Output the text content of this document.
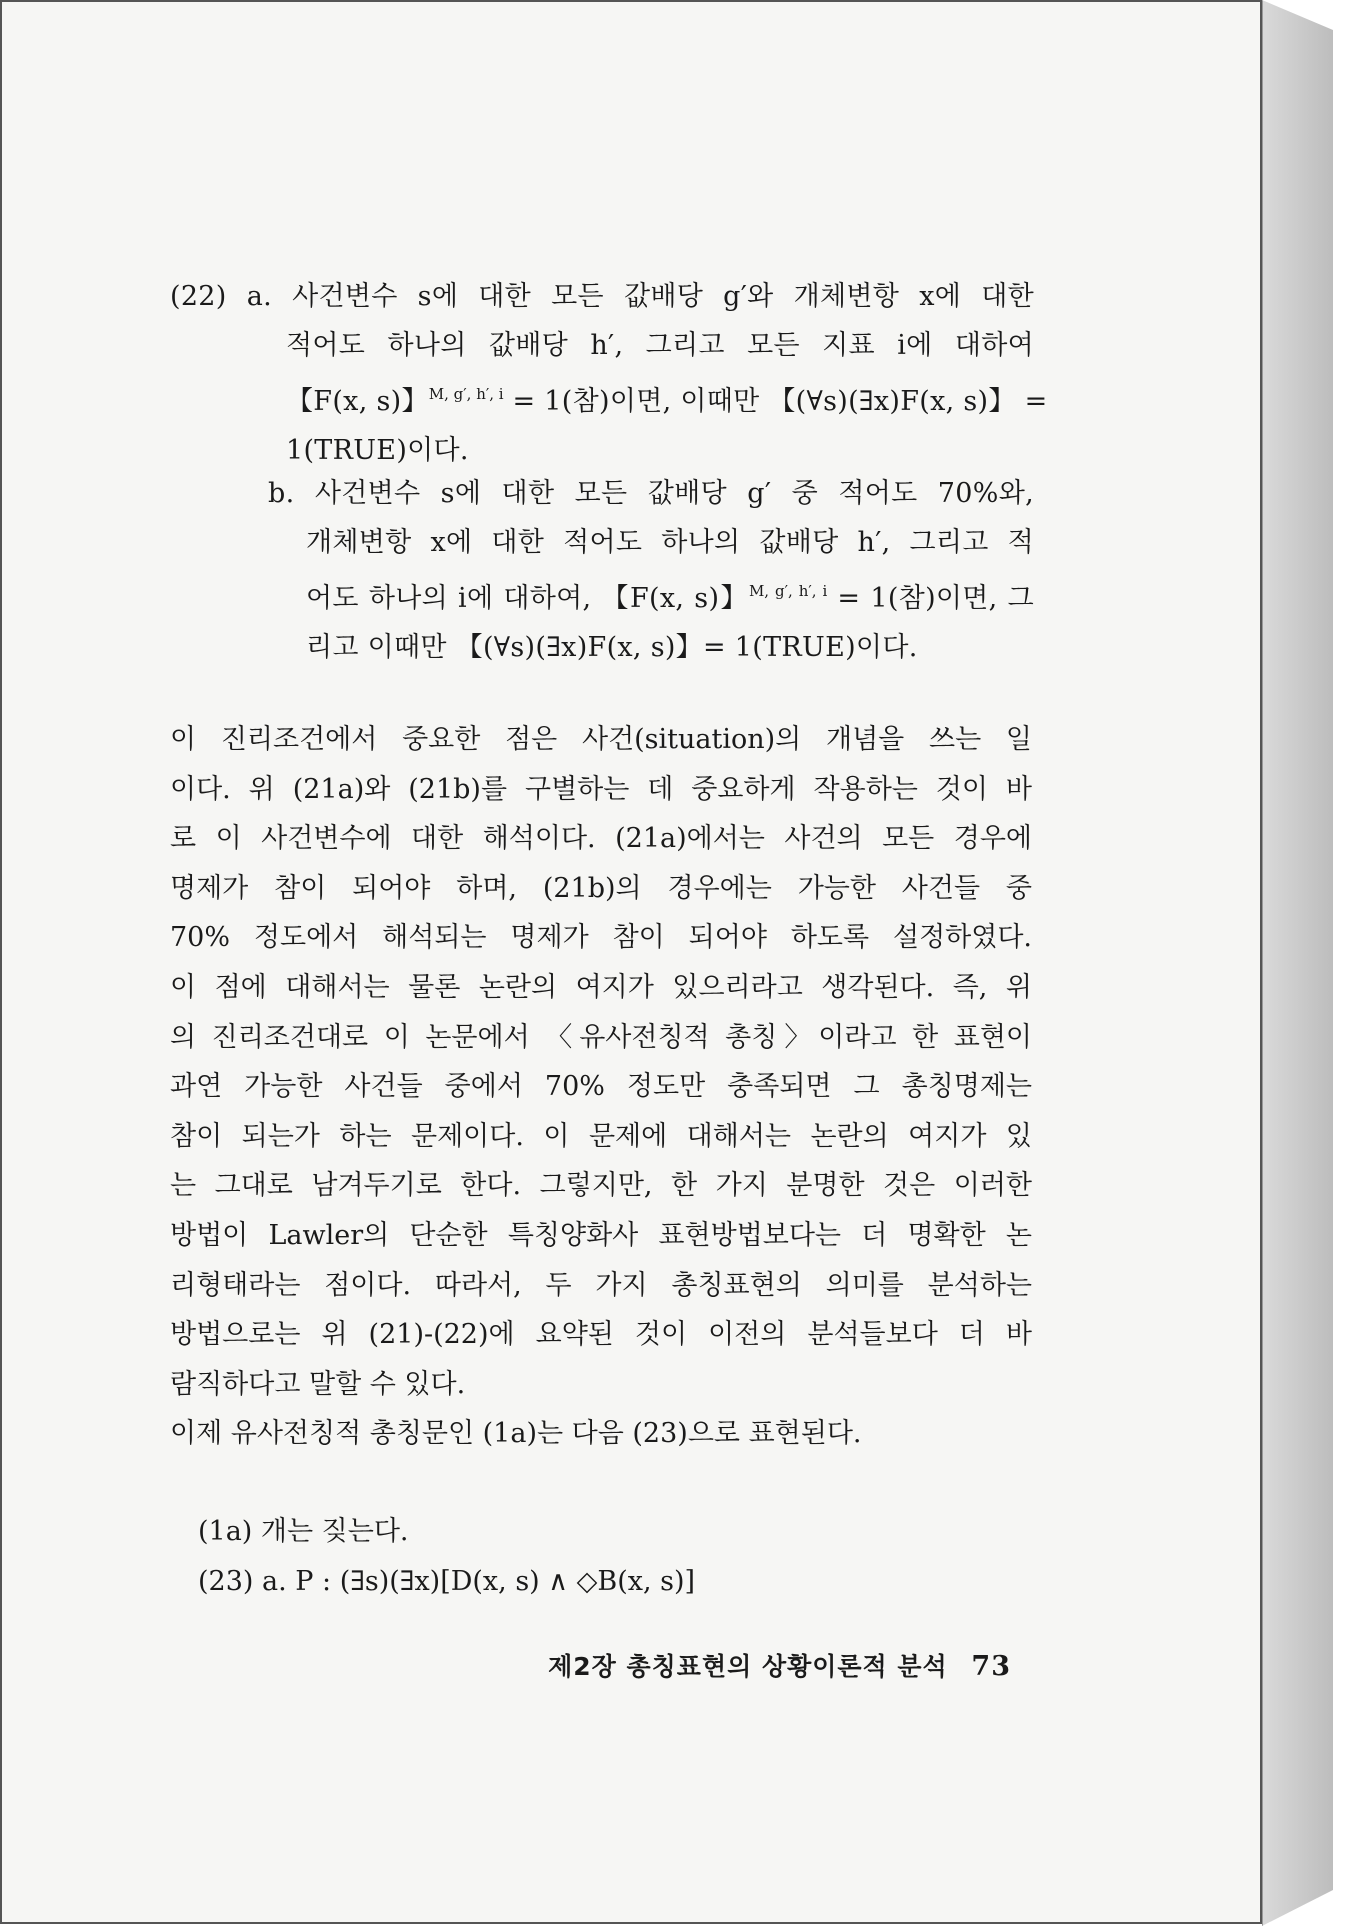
(22) a. 사건변수 s에 대한 모든 값배당 g′와 개체변항 x에 대한
적어도 하나의 값배당 h′, 그리고 모든 지표 i에 대하여
【F(x, s)】$^{M, g', h', i}$ = 1(참)이면, 이때만 【(∀s)(∃x)F(x, s)】 =
1(TRUE)이다.
b. 사건변수 s에 대한 모든 값배당 g′ 중 적어도 70%와,
개체변항 x에 대한 적어도 하나의 값배당 h′, 그리고 적
어도 하나의 i에 대하여, 【F(x, s)】$^{M, g', h', i}$ = 1(참)이면, 그
리고 이때만 【(∀s)(∃x)F(x, s)】= 1(TRUE)이다.
이 진리조건에서 중요한 점은 사건(situation)의 개념을 쓰는 일
이다. 위 (21a)와 (21b)를 구별하는 데 중요하게 작용하는 것이 바
로 이 사건변수에 대한 해석이다. (21a)에서는 사건의 모든 경우에
명제가 참이 되어야 하며, (21b)의 경우에는 가능한 사건들 중
70% 정도에서 해석되는 명제가 참이 되어야 하도록 설정하였다.
이 점에 대해서는 물론 논란의 여지가 있으리라고 생각된다. 즉, 위
의 진리조건대로 이 논문에서 〈유사전칭적 총칭〉이라고 한 표현이
과연 가능한 사건들 중에서 70% 정도만 충족되면 그 총칭명제는
참이 되는가 하는 문제이다. 이 문제에 대해서는 논란의 여지가 있
는 그대로 남겨두기로 한다. 그렇지만, 한 가지 분명한 것은 이러한
방법이 Lawler의 단순한 특칭양화사 표현방법보다는 더 명확한 논
리형태라는 점이다. 따라서, 두 가지 총칭표현의 의미를 분석하는
방법으로는 위 (21)-(22)에 요약된 것이 이전의 분석들보다 더 바
람직하다고 말할 수 있다.
이제 유사전칭적 총칭문인 (1a)는 다음 (23)으로 표현된다.
(1a) 개는 짖는다.
(23) a. P : (∃s)(∃x)[D(x, s) ∧ ◇B(x, s)]
제2장 총칭표현의 상황이론적 분석 73
